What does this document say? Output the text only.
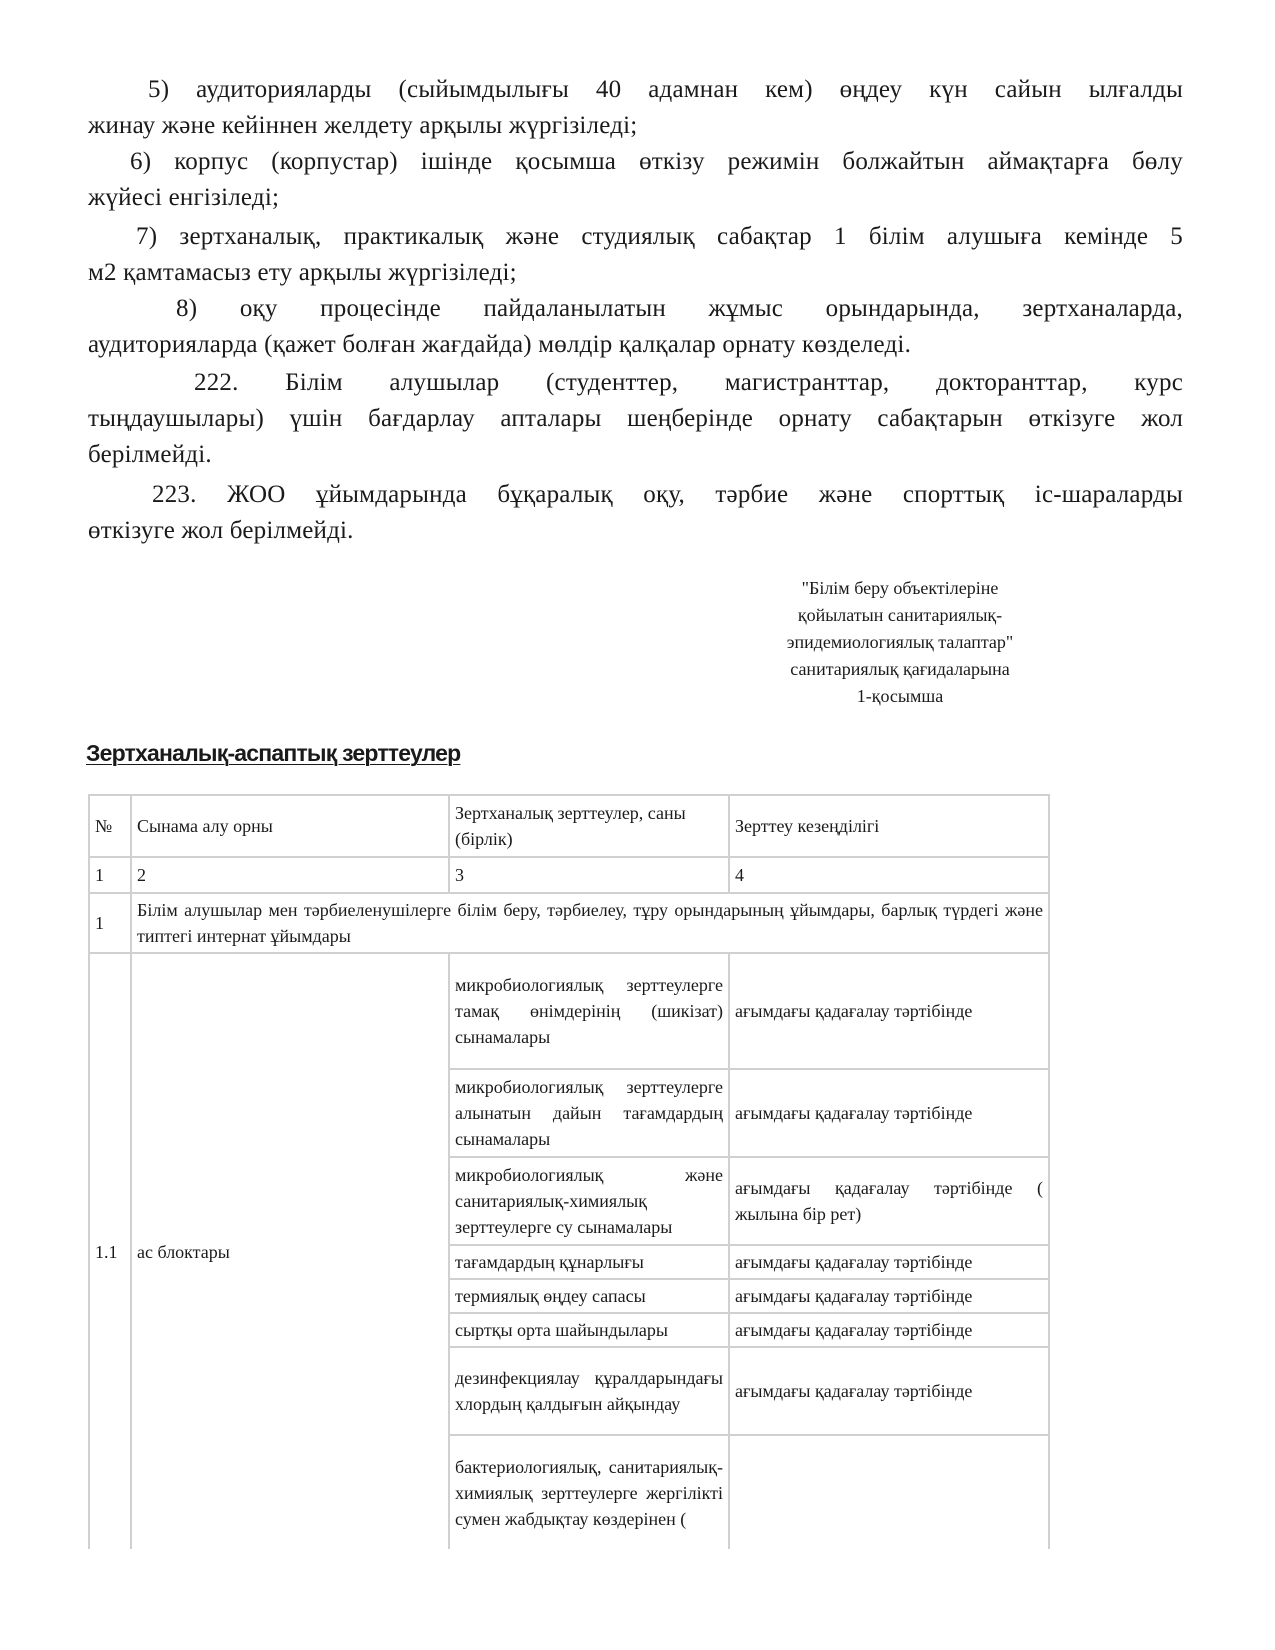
5) аудиторияларды (сыйымдылығы 40 адамнан кем) өңдеу күн сайын ылғалды
жинау және кейіннен желдету арқылы жүргізіледі;

6) корпус (корпустар) ішінде қосымша өткізу режимін болжайтын аймақтарға бөлу
жүйесі енгізіледі;

7) зертханалық, практикалық және студиялық сабақтар 1 білім алушыға кемінде 5
м2 қамтамасыз ету арқылы жүргізіледі;

8) оқу процесінде пайдаланылатын жұмыс орындарында, зертханаларда,
аудиторияларда (қажет болған жағдайда) мөлдір қалқалар орнату көзделеді.

222. Білім алушылар (студенттер, магистранттар, докторанттар, курс
тыңдаушылары) үшін бағдарлау апталары шеңберінде орнату сабақтарын өткізуге жол
берілмейді.

223. ЖОО ұйымдарында бұқаралық оқу, тәрбие және спорттық іс-шараларды
өткізуге жол берілмейді.

"Білім беру объектілеріне
қойылатын санитариялық-
эпидемиологиялық талаптар"
санитариялық қағидаларына
1-қосымша
Зертханалық-аспаптық зерттеулер
№	Сынама алу орны	Зертханалық зерттеулер, саны (бірлік)	Зерттеу кезеңділігі
1	2	3	4
1	Білім алушылар мен тәрбиеленушілерге білім беру, тәрбиелеу, тұру орындарының ұйымдары, барлық түрдегі және типтегі интернат ұйымдары		
1.1	ас блоктары	микробиологиялық зерттеулерге тамақ өнімдерінің (шикізат) сынамалары	ағымдағы қадағалау тәртібінде
		микробиологиялық зерттеулерге алынатын дайын тағамдардың сынамалары	ағымдағы қадағалау тәртібінде
		микробиологиялық және санитариялық-химиялық зерттеулерге су сынамалары	ағымдағы қадағалау тәртібінде ( жылына бір рет)
		тағамдардың құнарлығы	ағымдағы қадағалау тәртібінде
		термиялық өңдеу сапасы	ағымдағы қадағалау тәртібінде
		сыртқы орта шайындылары	ағымдағы қадағалау тәртібінде
		дезинфекциялау құралдарындағы хлордың қалдығын айқындау	ағымдағы қадағалау тәртібінде
		бактериологиялық, санитариялық-химиялық зерттеулерге жергілікті сумен жабдықтау көздерінен (	
